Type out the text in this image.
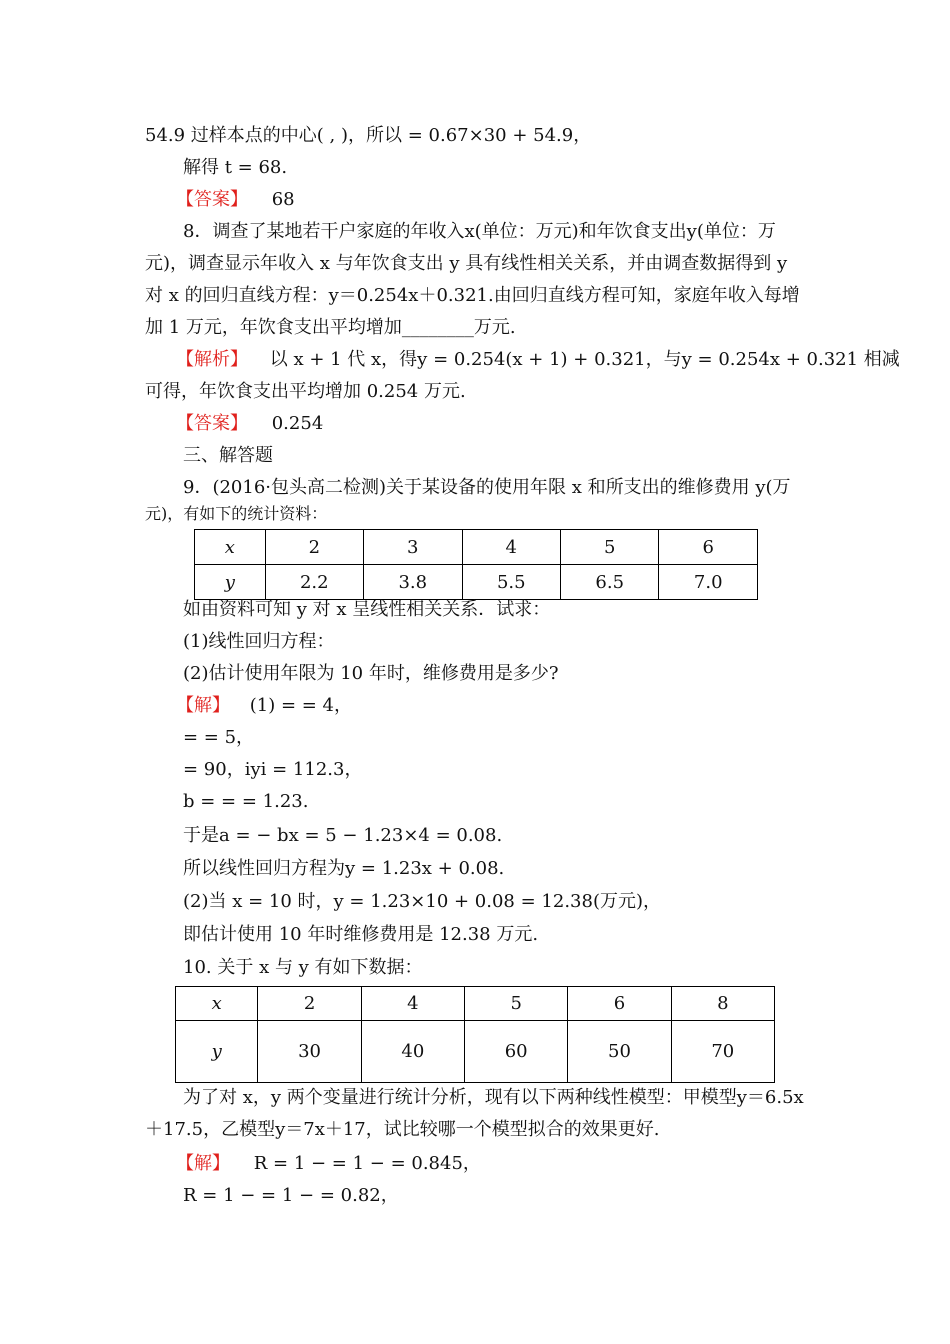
54.9 过样本点的中心( , )，所以 = 0.67×30 + 54.9，
解得 t = 68.
【答案】 68
8．调查了某地若干户家庭的年收入x(单位：万元)和年饮食支出y(单位：万
元)，调查显示年收入 x 与年饮食支出 y 具有线性相关关系，并由调查数据得到 y
对 x 的回归直线方程：y＝0.254x＋0.321.由回归直线方程可知，家庭年收入每增
加 1 万元，年饮食支出平均增加________万元.
【解析】 以 x + 1 代 x，得y = 0.254(x + 1) + 0.321，与y = 0.254x + 0.321 相减
可得，年饮食支出平均增加 0.254 万元.
【答案】 0.254
三、解答题
9．(2016·包头高二检测)关于某设备的使用年限 x 和所支出的维修费用 y(万
元)，有如下的统计资料：
x	2	3	4	5	6
y	2.2	3.8	5.5	6.5	7.0
如由资料可知 y 对 x 呈线性相关关系．试求：
(1)线性回归方程：
(2)估计使用年限为 10 年时，维修费用是多少?
【解】 (1) = = 4，
= = 5，
= 90，iyi = 112.3，
b = = = 1.23.
于是a = − bx = 5 − 1.23×4 = 0.08.
所以线性回归方程为y = 1.23x + 0.08.
(2)当 x = 10 时，y = 1.23×10 + 0.08 = 12.38(万元)，
即估计使用 10 年时维修费用是 12.38 万元.
10. 关于 x 与 y 有如下数据：
x	2	4	5	6	8
y	30	40	60	50	70
为了对 x，y 两个变量进行统计分析，现有以下两种线性模型：甲模型y＝6.5x
＋17.5，乙模型y＝7x＋17，试比较哪一个模型拟合的效果更好.
【解】 R = 1 − = 1 − = 0.845，
R = 1 − = 1 − = 0.82，
